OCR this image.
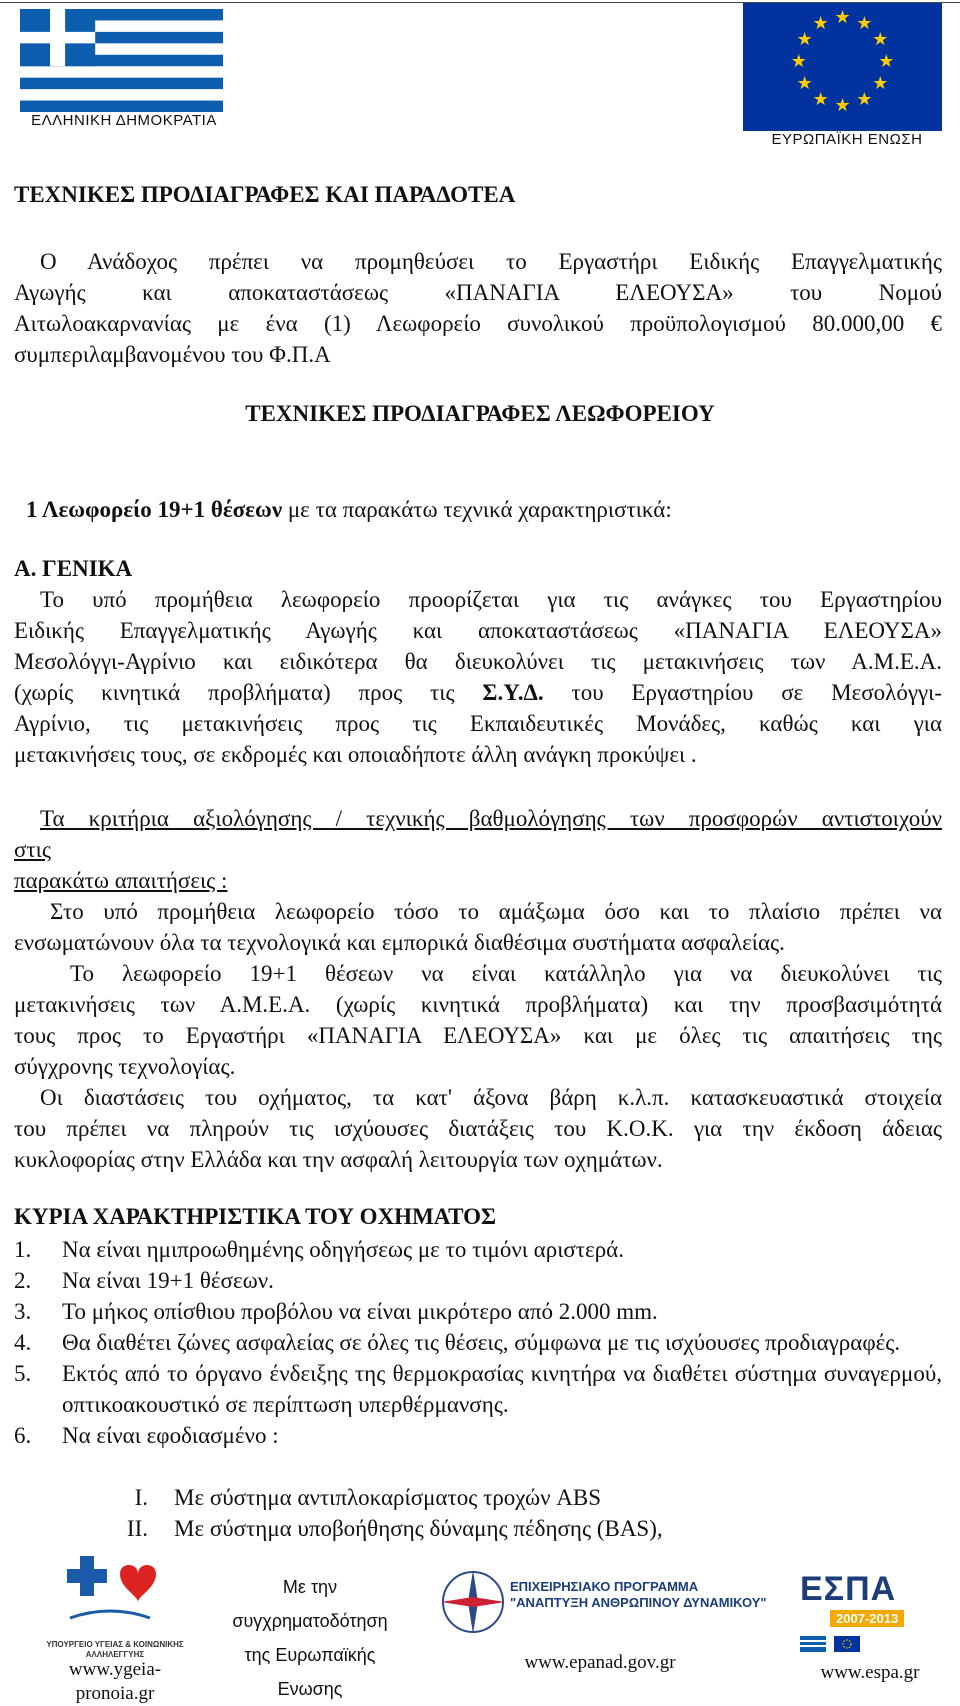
ΕΛΛΗΝΙΚΗ ΔΗΜΟΚΡΑΤΙΑ
★ ★
★
★
★
★
★
★
★
★
★
★
ΕΥΡΩΠΑΪΚΗ ΕΝΩΣΗ
ΤΕΧΝΙΚΕΣ ΠΡΟΔΙΑΓΡΑΦΕΣ ΚΑΙ ΠΑΡΑΔΟΤΕΑ
Ο Ανάδοχος πρέπει να προμηθεύσει το Εργαστήρι Ειδικής Επαγγελματικής
Αγωγής και αποκαταστάσεως «ΠΑΝΑΓΙΑ ΕΛΕΟΥΣΑ» του Νομού
Αιτωλοακαρνανίας με ένα (1) Λεωφορείο συνολικού προϋπολογισμού 80.000,00 €
συμπεριλαμβανομένου του Φ.Π.Α
ΤΕΧΝΙΚΕΣ ΠΡΟΔΙΑΓΡΑΦΕΣ ΛΕΩΦΟΡΕΙΟΥ
1 Λεωφορείο 19+1 θέσεων με τα παρακάτω τεχνικά χαρακτηριστικά:
Α. ΓΕΝΙΚΑ
Το υπό προμήθεια λεωφορείο προορίζεται για τις ανάγκες του Εργαστηρίου
Ειδικής Επαγγελματικής Αγωγής και αποκαταστάσεως «ΠΑΝΑΓΙΑ ΕΛΕΟΥΣΑ»
Μεσολόγγι-Αγρίνιο και ειδικότερα θα διευκολύνει τις μετακινήσεις των Α.Μ.Ε.Α.
(χωρίς κινητικά προβλήματα) προς τις Σ.Υ.Δ. του Εργαστηρίου σε Μεσολόγγι-
Αγρίνιο, τις μετακινήσεις προς τις Εκπαιδευτικές Μονάδες, καθώς και για
μετακινήσεις τους, σε εκδρομές και οποιαδήποτε άλλη ανάγκη προκύψει .
Τα κριτήρια αξιολόγησης / τεχνικής βαθμολόγησης των προσφορών αντιστοιχούν
στις
παρακάτω απαιτήσεις :
Στο υπό προμήθεια λεωφορείο τόσο το αμάξωμα όσο και το πλαίσιο πρέπει να
ενσωματώνουν όλα τα τεχνολογικά και εμπορικά διαθέσιμα συστήματα ασφαλείας.
Το λεωφορείο 19+1 θέσεων να είναι κατάλληλο για να διευκολύνει τις
μετακινήσεις των Α.Μ.Ε.Α. (χωρίς κινητικά προβλήματα) και την προσβασιμότητά
τους προς το Εργαστήρι «ΠΑΝΑΓΙΑ ΕΛΕΟΥΣΑ» και με όλες τις απαιτήσεις της
σύγχρονης τεχνολογίας.
Οι διαστάσεις του οχήματος, τα κατ' άξονα βάρη κ.λ.π. κατασκευαστικά στοιχεία
του πρέπει να πληρούν τις ισχύουσες διατάξεις του Κ.Ο.Κ. για την έκδοση άδειας
κυκλοφορίας στην Ελλάδα και την ασφαλή λειτουργία των οχημάτων.
ΚΥΡΙΑ ΧΑΡΑΚΤΗΡΙΣΤΙΚΑ ΤΟΥ ΟΧΗΜΑΤΟΣ
1. Να είναι ημιπροωθημένης οδηγήσεως με το τιμόνι αριστερά.
2. Να είναι 19+1 θέσεων.
3. Το μήκος οπίσθιου προβόλου να είναι μικρότερο από 2.000 mm.
4. Θα διαθέτει ζώνες ασφαλείας σε όλες τις θέσεις, σύμφωνα με τις ισχύουσες προδιαγραφές.
5. Εκτός από το όργανο ένδειξης της θερμοκρασίας κινητήρα να διαθέτει σύστημα συναγερμού, οπτικοακουστικό σε περίπτωση υπερθέρμανσης.
6. Να είναι εφοδιασμένο :
I. Με σύστημα αντιπλοκαρίσματος τροχών ABS
II. Με σύστημα υποβοήθησης δύναμης πέδησης (BAS),
ΥΠΟΥΡΓΕΙΟ ΥΓΕΙΑΣ & ΚΟΙΝΩΝΙΚΗΣ ΑΛΛΗΛΕΓΓΥΗΣ
www.ygeia-
pronoia.gr
Με την
συγχρηματοδότηση
της Ευρωπαϊκής
Ενωσης
ΕΠΙΧΕΙΡΗΣΙΑΚΟ ΠΡΟΓΡΑΜΜΑ
"ΑΝΑΠΤΥΞΗ ΑΝΘΡΩΠΙΝΟΥ ΔΥΝΑΜΙΚΟΥ"
www.epanad.gov.gr
ΕΣΠΑ
2007-2013
www.espa.gr
